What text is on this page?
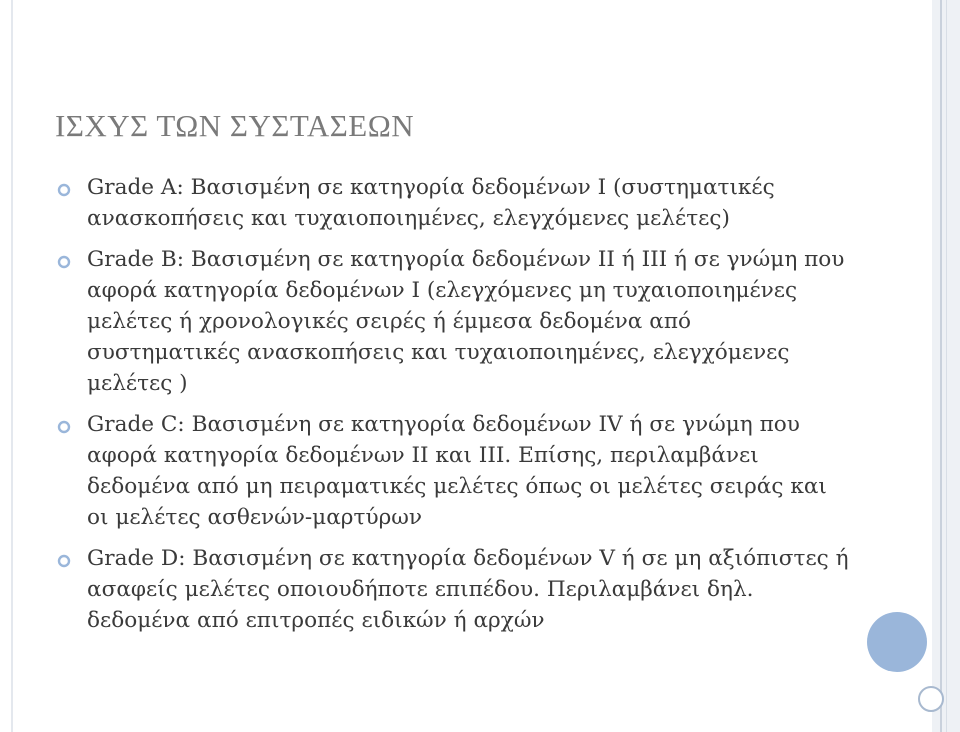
ΙΣΧΥΣ ΤΩΝ ΣΥΣΤΑΣΕΩΝ
Grade A: Βασισμένη σε κατηγορία δεδομένων Ι (συστηματικές ανασκοπήσεις και τυχαιοποιημένες, ελεγχόμενες μελέτες)
Grade B: Βασισμένη σε κατηγορία δεδομένων ΙΙ ή ΙΙΙ ή σε γνώμη που αφορά κατηγορία δεδομένων Ι (ελεγχόμενες μη τυχαιοποιημένες μελέτες ή χρονολογικές σειρές ή έμμεσα δεδομένα από συστηματικές ανασκοπήσεις και τυχαιοποιημένες, ελεγχόμενες μελέτες )
Grade C: Βασισμένη σε κατηγορία δεδομένων ΙV ή σε γνώμη που αφορά κατηγορία δεδομένων ΙΙ και ΙΙΙ. Επίσης, περιλαμβάνει δεδομένα από μη πειραματικές μελέτες όπως οι μελέτες σειράς και οι μελέτες ασθενών-μαρτύρων
Grade D: Βασισμένη σε κατηγορία δεδομένων V ή σε μη αξιόπιστες ή ασαφείς μελέτες οποιουδήποτε επιπέδου. Περιλαμβάνει δηλ. δεδομένα από επιτροπές ειδικών ή αρχών
